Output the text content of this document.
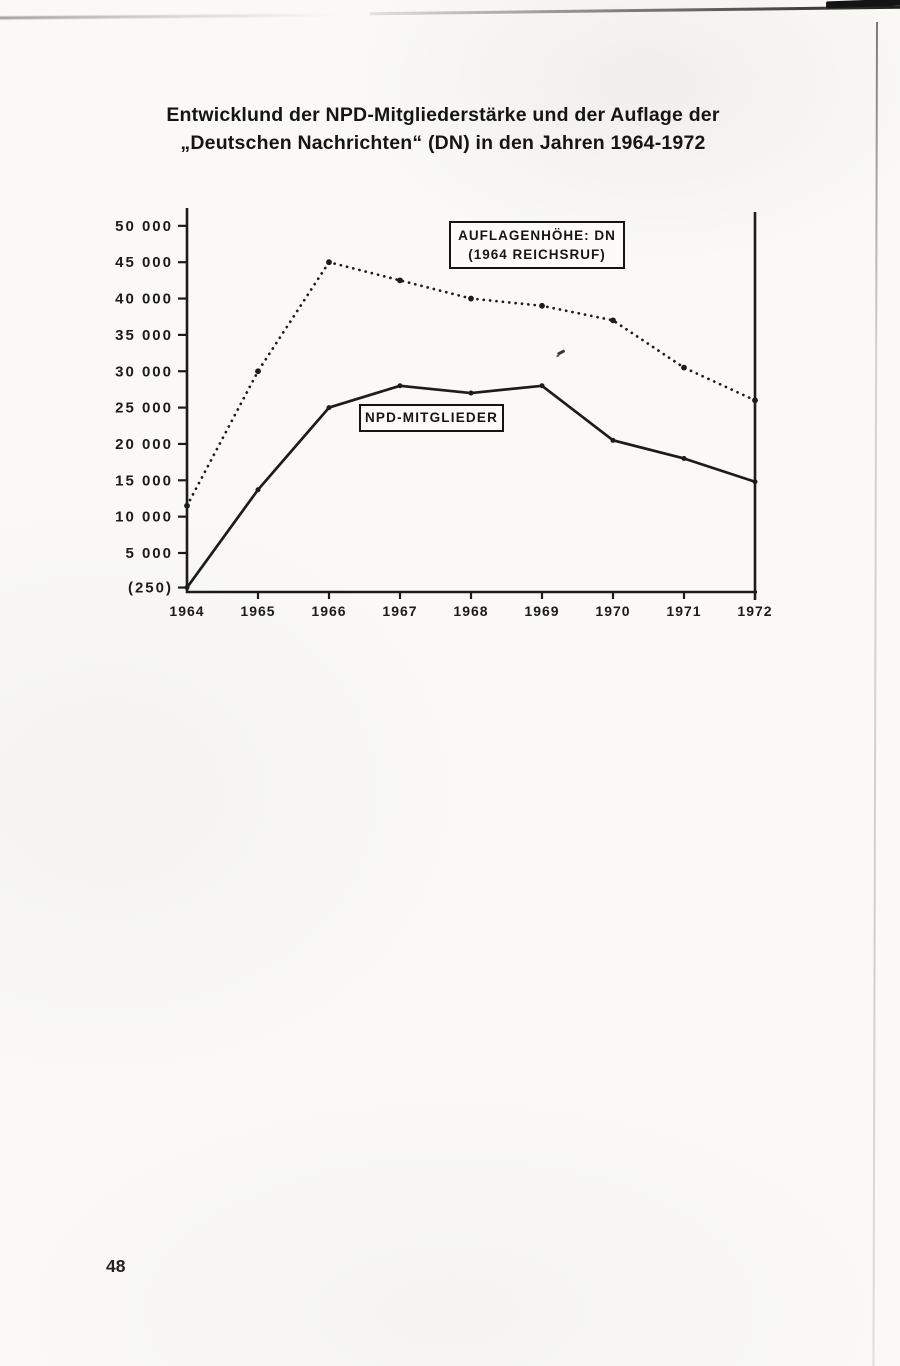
Entwicklund der NPD-Mitgliederstärke und der Auflage der
„Deutschen Nachrichten“ (DN) in den Jahren 1964-1972
50 000
45 000
40 000
35 000
30 000
25 000
20 000
15 000
10 000
5 000
(250)
1964	1965	1966	1967	1968	1969	1970	1971	1972
AUFLAGENHÖHE: DN
(1964 REICHSRUF)
NPD-MITGLIEDER
48
